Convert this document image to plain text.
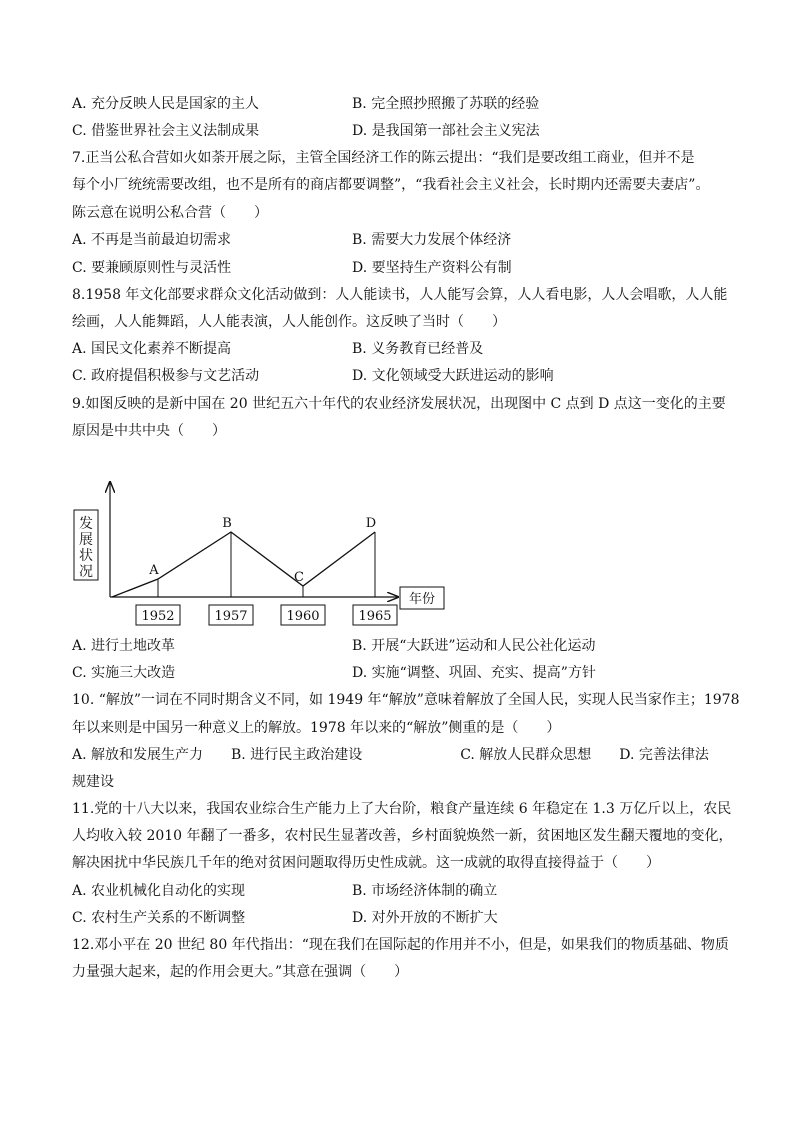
A. 充分反映人民是国家的主人	B. 完全照抄照搬了苏联的经验
C. 借鉴世界社会主义法制成果	D. 是我国第一部社会主义宪法
7.正当公私合营如火如荼开展之际，主管全国经济工作的陈云提出：“我们是要改组工商业，但并不是
每个小厂统统需要改组，也不是所有的商店都要调整”，“我看社会主义社会，长时期内还需要夫妻店”。
陈云意在说明公私合营（　　）
A. 不再是当前最迫切需求	B. 需要大力发展个体经济
C. 要兼顾原则性与灵活性	D. 要坚持生产资料公有制
8.1958 年文化部要求群众文化活动做到：人人能读书，人人能写会算，人人看电影，人人会唱歌，人人能
绘画，人人能舞蹈，人人能表演，人人能创作。这反映了当时（　　）
A. 国民文化素养不断提高	B. 义务教育已经普及
C. 政府提倡积极参与文艺活动	D. 文化领域受大跃进运动的影响
9.如图反映的是新中国在 20 世纪五六十年代的农业经济发展状况，出现图中 C 点到 D 点这一变化的主要
原因是中共中央（　　）
发
展
状
况
年份
A
1952
B
1957
C
1960
D
1965
A. 进行土地改革	B. 开展“大跃进”运动和人民公社化运动
C. 实施三大改造	D. 实施“调整、巩固、充实、提高”方针
10. “解放”一词在不同时期含义不同，如 1949 年“解放”意味着解放了全国人民，实现人民当家作主；1978
年以来则是中国另一种意义上的解放。1978 年以来的“解放”侧重的是（　　）
A. 解放和发展生产力　　B. 进行民主政治建设　　　　　　　C. 解放人民群众思想　　D. 完善法律法
规建设
11.党的十八大以来，我国农业综合生产能力上了大台阶，粮食产量连续 6 年稳定在 1.3 万亿斤以上，农民
人均收入较 2010 年翻了一番多，农村民生显著改善，乡村面貌焕然一新，贫困地区发生翻天覆地的变化，
解决困扰中华民族几千年的绝对贫困问题取得历史性成就。这一成就的取得直接得益于（　　）
A. 农业机械化自动化的实现	B. 市场经济体制的确立
C. 农村生产关系的不断调整	D. 对外开放的不断扩大
12.邓小平在 20 世纪 80 年代指出：“现在我们在国际起的作用并不小，但是，如果我们的物质基础、物质
力量强大起来，起的作用会更大。”其意在强调（　　）
